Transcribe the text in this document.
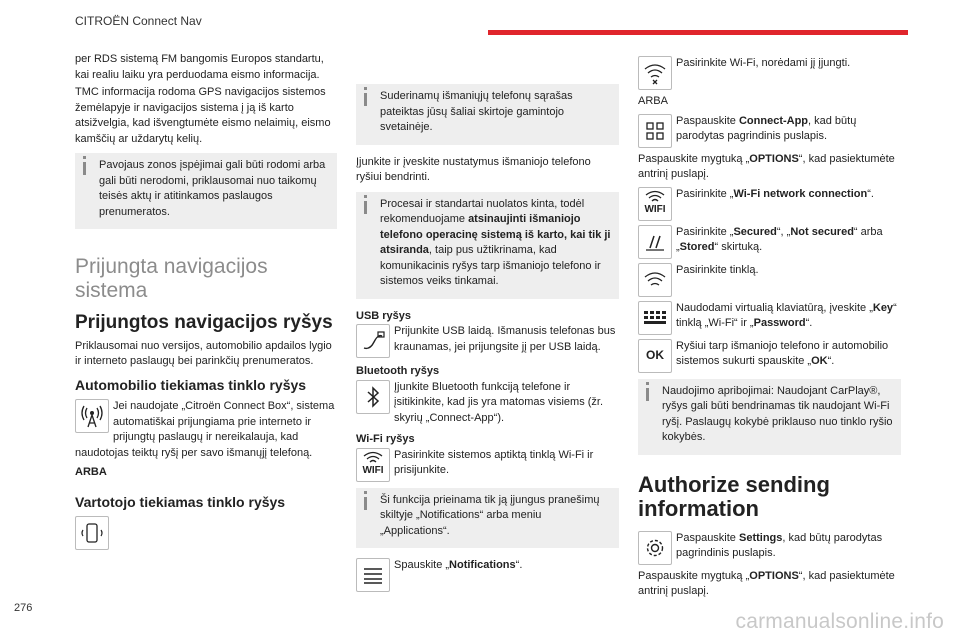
CITROËN Connect Nav
276
carmanualsonline.info

per RDS sistemą FM bangomis Europos standartu, kai realiu laiku yra perduodama eismo informacija.

TMC informacija rodoma GPS navigacijos sistemos žemėlapyje ir navigacijos sistema į ją iš karto atsižvelgia, kad išvengtumėte eismo nelaimių, eismo kamščių ar uždarytų kelių.

Pavojaus zonos įspėjimai gali būti rodomi arba gali būti nerodomi, priklausomai nuo taikomų teisės aktų ir atitinkamos paslaugos prenumeratos.
Prijungta navigacijos sistema
Prijungtos navigacijos ryšys

Priklausomai nuo versijos, automobilio apdailos lygio ir interneto paslaugų bei parinkčių prenumeratos.

Automobilio tiekiamas tinklo ryšys
Jei naudojate „Citroën Connect Box“, sistema automatiškai prijungiama prie interneto ir prijungtų paslaugų ir nereikalauja, kad naudotojas teiktų ryšį per savo išmanųjį telefoną.

ARBA

Vartotojo tiekiamas tinklo ryšys
Suderinamų išmaniųjų telefonų sąrašas pateiktas jūsų šaliai skirtoje gamintojo svetainėje.

Įjunkite ir įveskite nustatymus išmaniojo telefono ryšiui bendrinti.

Procesai ir standartai nuolatos kinta, todėl rekomenduojame atsinaujinti išmaniojo telefono operacinę sistemą iš karto, kai tik ji atsiranda, taip pus užtikrinama, kad komunikacinis ryšys tarp išmaniojo telefono ir sistemos veiks tinkamai.
USB ryšys
Prijunkite USB laidą. Išmanusis telefonas bus kraunamas, jei prijungsite jį per USB laidą.
Bluetooth ryšys
Įjunkite Bluetooth funkciją telefone ir įsitikinkite, kad jis yra matomas visiems (žr. skyrių „Connect-App“).
Wi-Fi ryšys
WIFI
Pasirinkite sistemos aptiktą tinklą Wi-Fi ir prisijunkite.
Ši funkcija prieinama tik ją įjungus pranešimų skiltyje „Notifications“ arba meniu „Applications“.
Spauskite „Notifications“.
Pasirinkite Wi-Fi, norėdami jį įjungti.

ARBA

Paspauskite Connect-App, kad būtų parodytas pagrindinis puslapis.

Paspauskite mygtuką „OPTIONS“, kad pasiektumėte antrinį puslapį.

WIFI
Pasirinkite „Wi-Fi network connection“.
Pasirinkite „Secured“, „Not secured“ arba „Stored“ skirtuką.
Pasirinkite tinklą.
Naudodami virtualią klaviatūrą, įveskite „Key“ tinklą „Wi-Fi“ ir „Password“.
OK
Ryšiui tarp išmaniojo telefono ir automobilio sistemos sukurti spauskite „OK“.
Naudojimo apribojimai: Naudojant CarPlay®, ryšys gali būti bendrinamas tik naudojant Wi-Fi ryšį. Paslaugų kokybė priklauso nuo tinklo ryšio kokybės.
Authorize sending information
Paspauskite Settings, kad būtų parodytas pagrindinis puslapis.

Paspauskite mygtuką „OPTIONS“, kad pasiektumėte antrinį puslapį.
